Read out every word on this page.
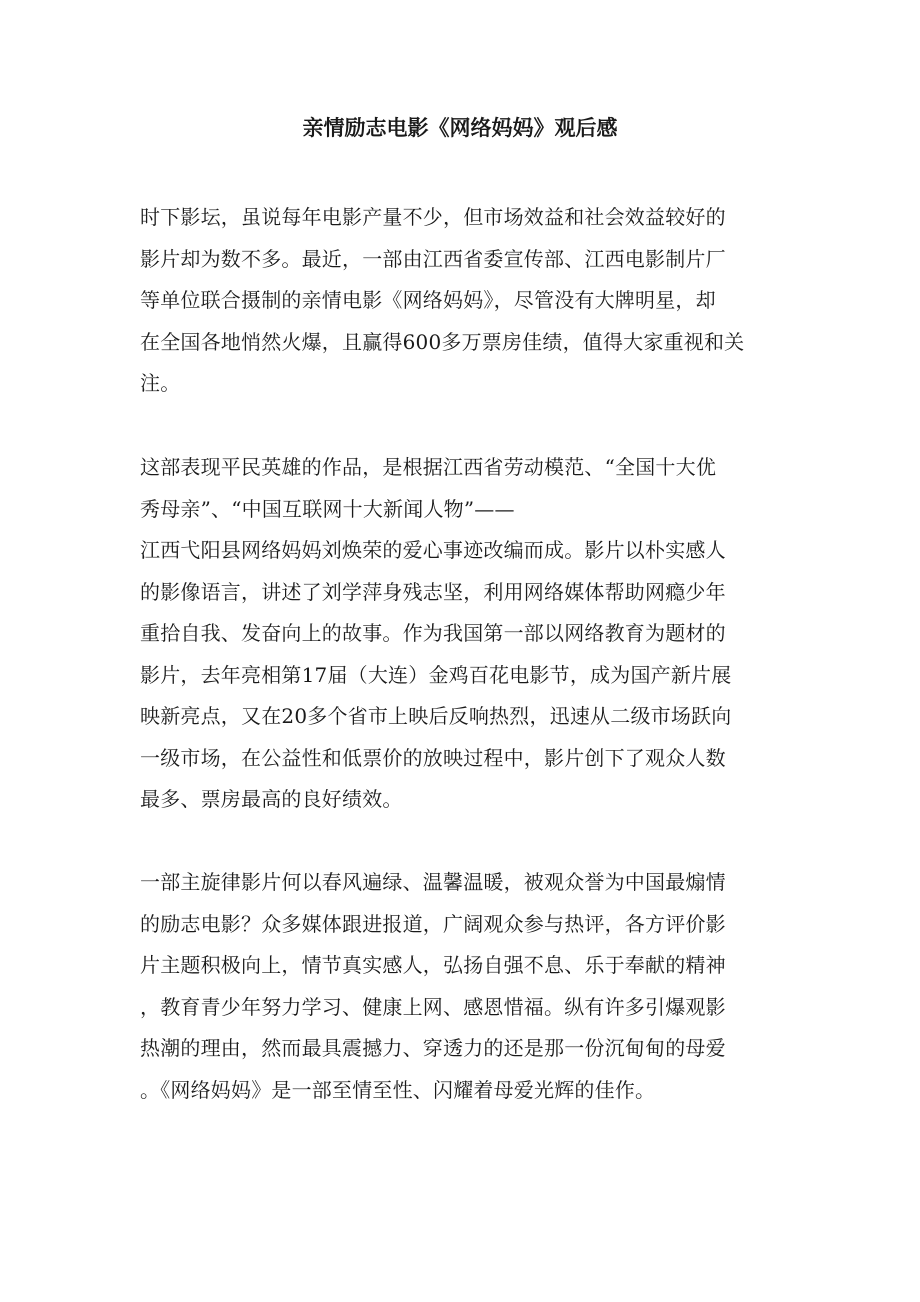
亲情励志电影《网络妈妈》观后感
时下影坛，虽说每年电影产量不少，但市场效益和社会效益较好的
影片却为数不多。最近，一部由江西省委宣传部、江西电影制片厂
等单位联合摄制的亲情电影《网络妈妈》，尽管没有大牌明星，却
在全国各地悄然火爆，且赢得600多万票房佳绩，值得大家重视和关
注。
这部表现平民英雄的作品，是根据江西省劳动模范、“全国十大优
秀母亲”、“中国互联网十大新闻人物”——
江西弋阳县网络妈妈刘焕荣的爱心事迹改编而成。影片以朴实感人
的影像语言，讲述了刘学萍身残志坚，利用网络媒体帮助网瘾少年
重拾自我、发奋向上的故事。作为我国第一部以网络教育为题材的
影片，去年亮相第17届（大连）金鸡百花电影节，成为国产新片展
映新亮点，又在20多个省市上映后反响热烈，迅速从二级市场跃向
一级市场，在公益性和低票价的放映过程中，影片创下了观众人数
最多、票房最高的良好绩效。
一部主旋律影片何以春风遍绿、温馨温暖，被观众誉为中国最煽情
的励志电影？众多媒体跟进报道，广阔观众参与热评，各方评价影
片主题积极向上，情节真实感人，弘扬自强不息、乐于奉献的精神
，教育青少年努力学习、健康上网、感恩惜福。纵有许多引爆观影
热潮的理由，然而最具震撼力、穿透力的还是那一份沉甸甸的母爱
。《网络妈妈》是一部至情至性、闪耀着母爱光辉的佳作。
